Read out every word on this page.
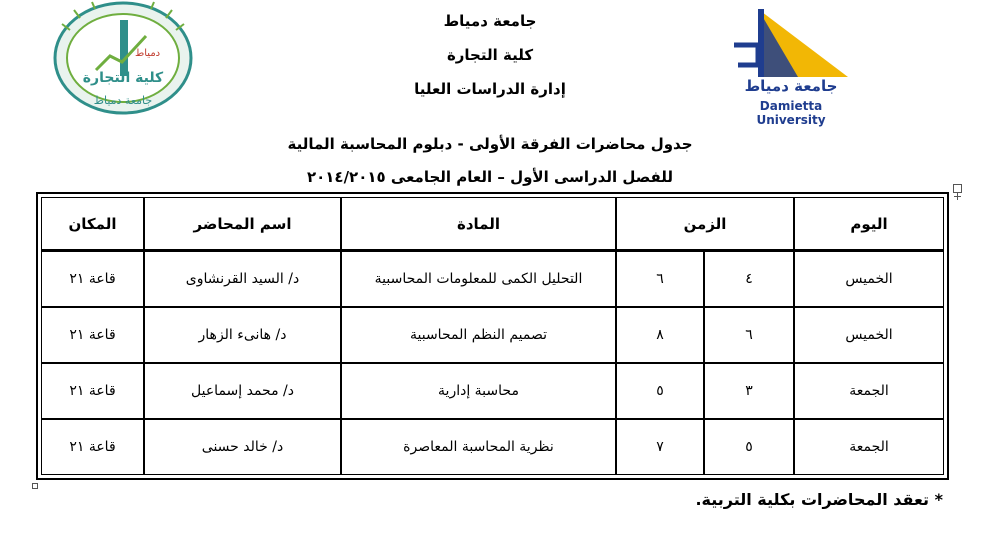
دمياط
كلية التجارة
جامعة دمياط
جامعة دمياط
كلية التجارة
إدارة الدراسات العليا	جامعة دمياط
Damietta University
جدول محاضرات الفرقة الأولى - دبلوم المحاسبة المالية
للفصل الدراسى الأول – العام الجامعى ٢٠١٤/٢٠١٥
اليوم	الزمن		المادة	اسم المحاضر	المكان
الخميس	٤	٦	التحليل الكمى للمعلومات المحاسبية	د/ السيد القرنشاوى	قاعة ٢١
الخميس	٦	٨	تصميم النظم المحاسبية	د/ هانىء الزهار	قاعة ٢١
الجمعة	٣	٥	محاسبة إدارية	د/ محمد إسماعيل	قاعة ٢١
الجمعة	٥	٧	نظرية المحاسبة المعاصرة	د/ خالد حسنى	قاعة ٢١
* تعقد المحاضرات بكلية التربية.
